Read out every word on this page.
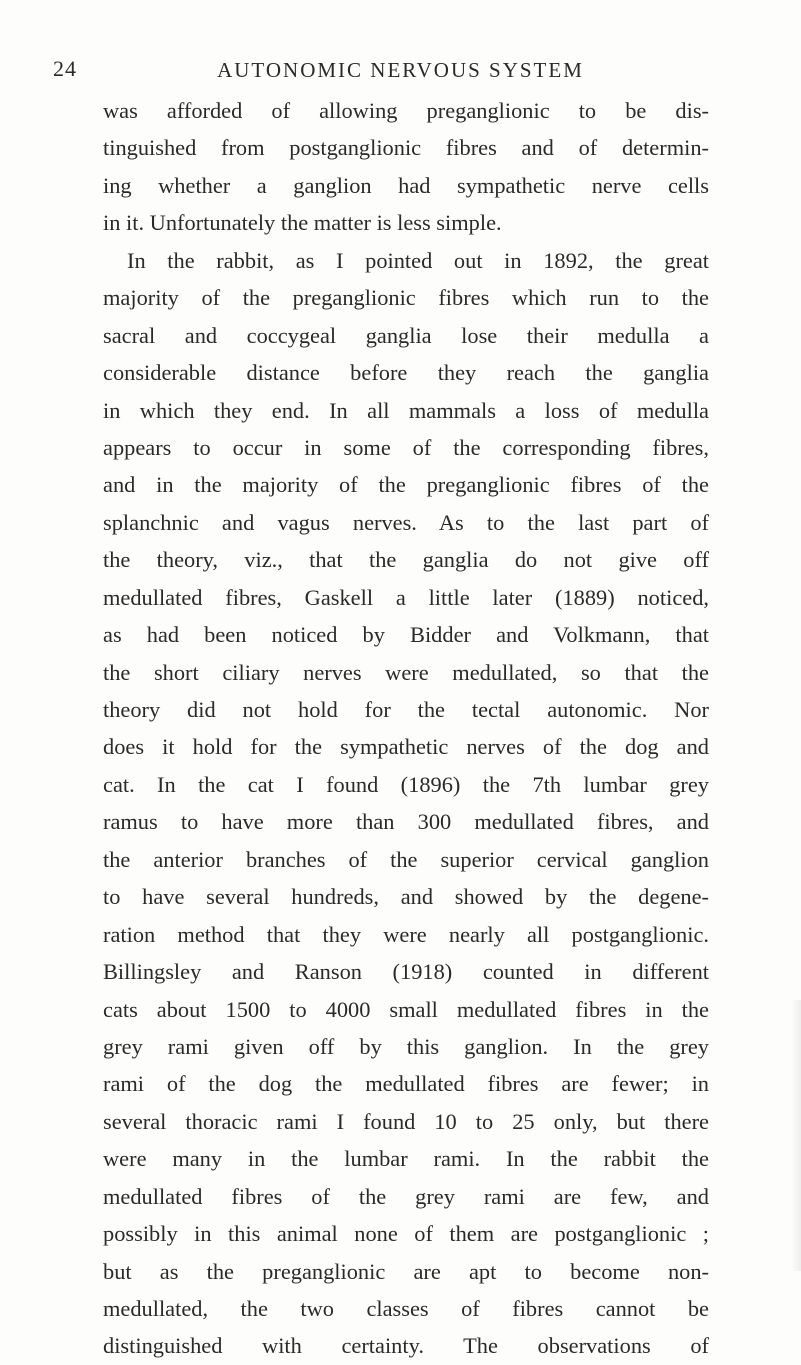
24	AUTONOMIC NERVOUS SYSTEM
was afforded of allowing preganglionic to be dis-
tinguished from postganglionic fibres and of determin-
ing whether a ganglion had sympathetic nerve cells
in it. Unfortunately the matter is less simple.
In the rabbit, as I pointed out in 1892, the great
majority of the preganglionic fibres which run to the
sacral and coccygeal ganglia lose their medulla a
considerable distance before they reach the ganglia
in which they end. In all mammals a loss of medulla
appears to occur in some of the corresponding fibres,
and in the majority of the preganglionic fibres of the
splanchnic and vagus nerves. As to the last part of
the theory, viz., that the ganglia do not give off
medullated fibres, Gaskell a little later (1889) noticed,
as had been noticed by Bidder and Volkmann, that
the short ciliary nerves were medullated, so that the
theory did not hold for the tectal autonomic. Nor
does it hold for the sympathetic nerves of the dog and
cat. In the cat I found (1896) the 7th lumbar grey
ramus to have more than 300 medullated fibres, and
the anterior branches of the superior cervical ganglion
to have several hundreds, and showed by the degene-
ration method that they were nearly all postganglionic.
Billingsley and Ranson (1918) counted in different
cats about 1500 to 4000 small medullated fibres in the
grey rami given off by this ganglion. In the grey
rami of the dog the medullated fibres are fewer; in
several thoracic rami I found 10 to 25 only, but there
were many in the lumbar rami. In the rabbit the
medullated fibres of the grey rami are few, and
possibly in this animal none of them are postganglionic ;
but as the preganglionic are apt to become non-
medullated, the two classes of fibres cannot be
distinguished with certainty. The observations of
